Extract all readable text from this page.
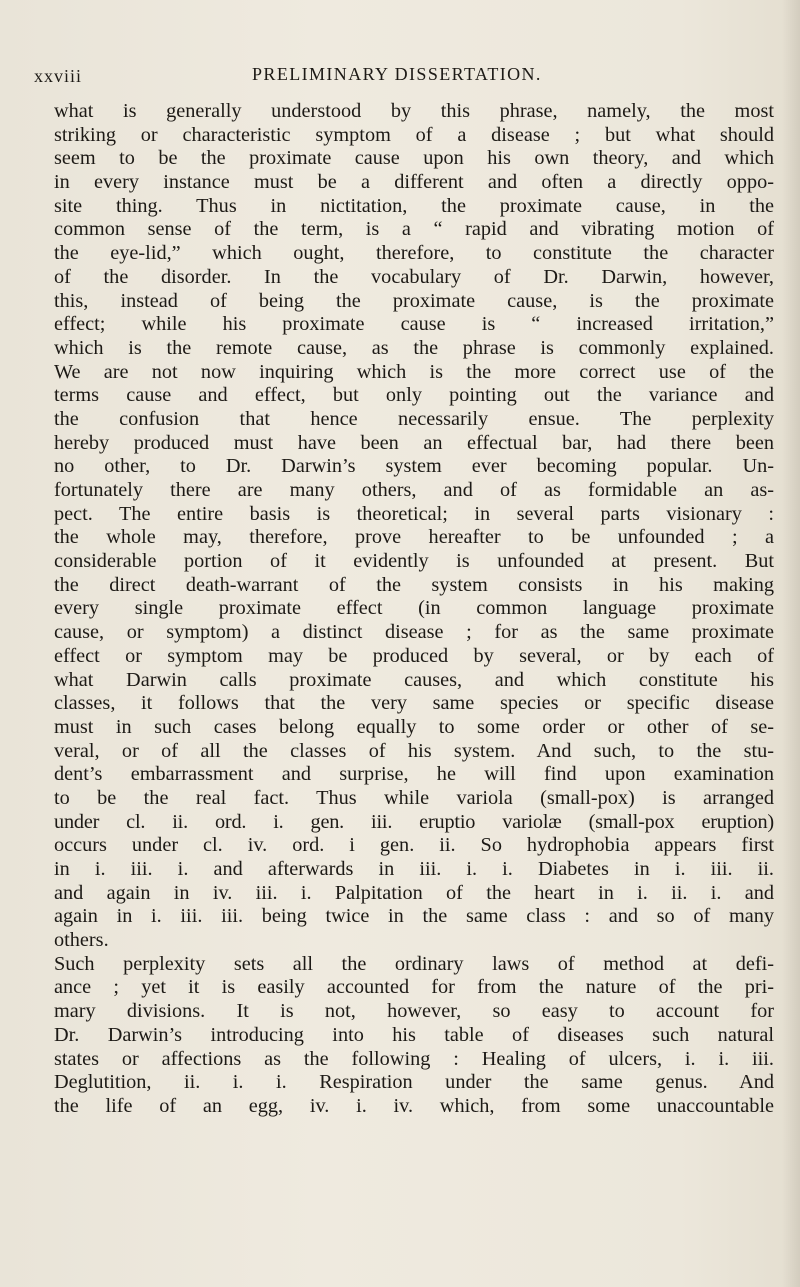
xxviii	PRELIMINARY DISSERTATION.
what is generally understood by this phrase, namely, the most
striking or characteristic symptom of a disease ; but what should
seem to be the proximate cause upon his own theory, and which
in every instance must be a different and often a directly oppo-
site thing. Thus in nictitation, the proximate cause, in the
common sense of the term, is a “ rapid and vibrating motion of
the eye-lid,” which ought, therefore, to constitute the character
of the disorder. In the vocabulary of Dr. Darwin, however,
this, instead of being the proximate cause, is the proximate
effect; while his proximate cause is “ increased irritation,”
which is the remote cause, as the phrase is commonly explained.
We are not now inquiring which is the more correct use of the
terms cause and effect, but only pointing out the variance and
the confusion that hence necessarily ensue. The perplexity
hereby produced must have been an effectual bar, had there been
no other, to Dr. Darwin’s system ever becoming popular. Un-
fortunately there are many others, and of as formidable an as-
pect. The entire basis is theoretical; in several parts visionary :
the whole may, therefore, prove hereafter to be unfounded ; a
considerable portion of it evidently is unfounded at present. But
the direct death-warrant of the system consists in his making
every single proximate effect (in common language proximate
cause, or symptom) a distinct disease ; for as the same proximate
effect or symptom may be produced by several, or by each of
what Darwin calls proximate causes, and which constitute his
classes, it follows that the very same species or specific disease
must in such cases belong equally to some order or other of se-
veral, or of all the classes of his system. And such, to the stu-
dent’s embarrassment and surprise, he will find upon examination
to be the real fact. Thus while variola (small-pox) is arranged
under cl. ii. ord. i. gen. iii. eruptio variolæ (small-pox eruption)
occurs under cl. iv. ord. i gen. ii. So hydrophobia appears first
in i. iii. i. and afterwards in iii. i. i. Diabetes in i. iii. ii.
and again in iv. iii. i. Palpitation of the heart in i. ii. i. and
again in i. iii. iii. being twice in the same class : and so of many
others.
Such perplexity sets all the ordinary laws of method at defi-
ance ; yet it is easily accounted for from the nature of the pri-
mary divisions. It is not, however, so easy to account for
Dr. Darwin’s introducing into his table of diseases such natural
states or affections as the following : Healing of ulcers, i. i. iii.
Deglutition, ii. i. i. Respiration under the same genus. And
the life of an egg, iv. i. iv. which, from some unaccountable
